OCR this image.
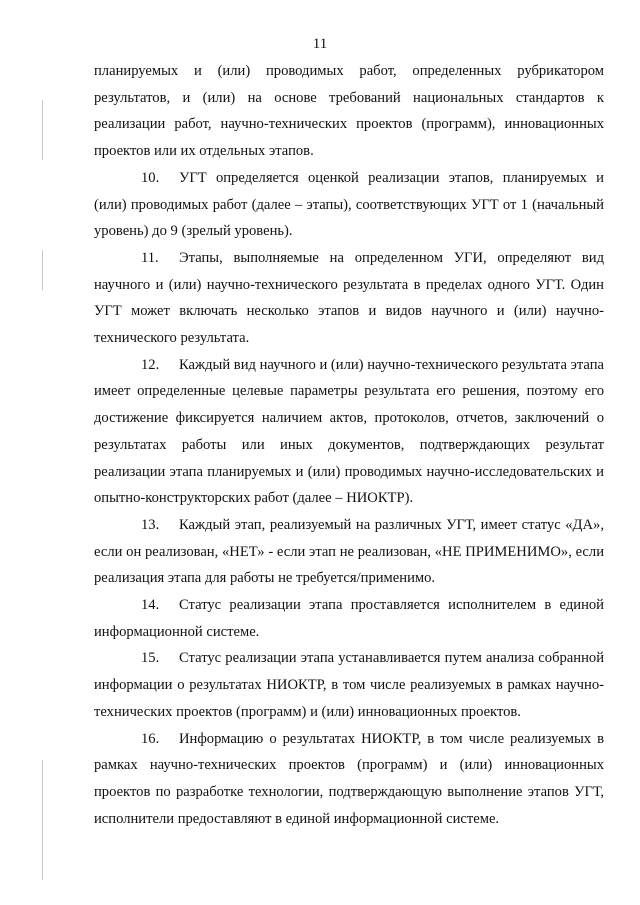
11

планируемых и (или) проводимых работ, определенных рубрикатором результатов, и (или) на основе требований национальных стандартов к реализации работ, научно-технических проектов (программ), инновационных проектов или их отдельных этапов.

10. УГТ определяется оценкой реализации этапов, планируемых и (или) проводимых работ (далее – этапы), соответствующих УГТ от 1 (начальный уровень) до 9 (зрелый уровень).

11. Этапы, выполняемые на определенном УГИ, определяют вид научного и (или) научно-технического результата в пределах одного УГТ. Один УГТ может включать несколько этапов и видов научного и (или) научно-технического результата.

12. Каждый вид научного и (или) научно-технического результата этапа имеет определенные целевые параметры результата его решения, поэтому его достижение фиксируется наличием актов, протоколов, отчетов, заключений о результатах работы или иных документов, подтверждающих результат реализации этапа планируемых и (или) проводимых научно-исследовательских и опытно-конструкторских работ (далее – НИОКТР).

13. Каждый этап, реализуемый на различных УГТ, имеет статус «ДА», если он реализован, «НЕТ» - если этап не реализован, «НЕ ПРИМЕНИМО», если реализация этапа для работы не требуется/применимо.

14. Статус реализации этапа проставляется исполнителем в единой информационной системе.

15. Статус реализации этапа устанавливается путем анализа собранной информации о результатах НИОКТР, в том числе реализуемых в рамках научно-технических проектов (программ) и (или) инновационных проектов.

16. Информацию о результатах НИОКТР, в том числе реализуемых в рамках научно-технических проектов (программ) и (или) инновационных проектов по разработке технологии, подтверждающую выполнение этапов УГТ, исполнители предоставляют в единой информационной системе.
